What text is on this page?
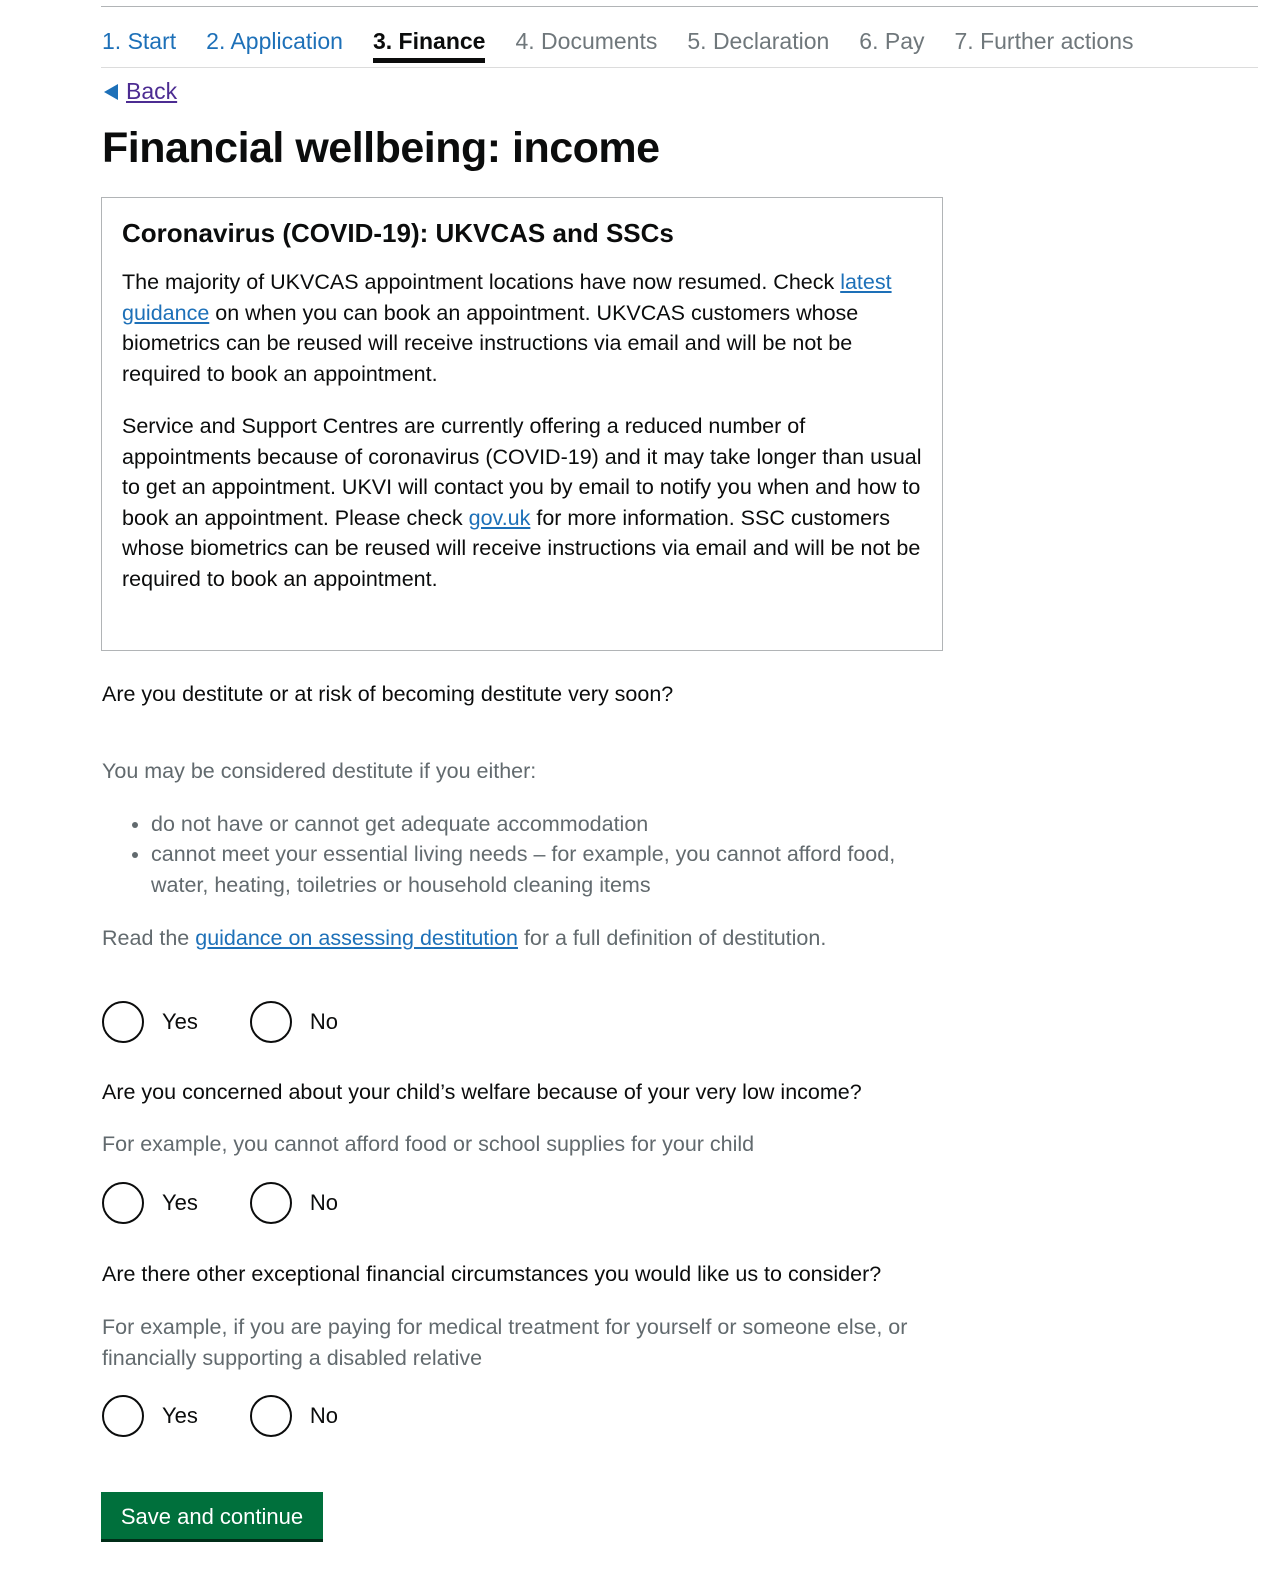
1. Start 2. Application 3. Finance 4. Documents 5. Declaration 6. Pay 7. Further actions
Back
Financial wellbeing: income
Coronavirus (COVID-19): UKVCAS and SSCs

The majority of UKVCAS appointment locations have now resumed. Check latest guidance on when you can book an appointment. UKVCAS customers whose biometrics can be reused will receive instructions via email and will be not be required to book an appointment.

Service and Support Centres are currently offering a reduced number of appointments because of coronavirus (COVID-19) and it may take longer than usual to get an appointment. UKVI will contact you by email to notify you when and how to book an appointment. Please check gov.uk for more information. SSC customers whose biometrics can be reused will receive instructions via email and will be not be required to book an appointment.

Are you destitute or at risk of becoming destitute very soon?
You may be considered destitute if you either:
• do not have or cannot get adequate accommodation
• cannot meet your essential living needs – for example, you cannot afford food, water, heating, toiletries or household cleaning items
Read the guidance on assessing destitution for a full definition of destitution.
Yes	No
Are you concerned about your child’s welfare because of your very low income?
For example, you cannot afford food or school supplies for your child
Yes	No
Are there other exceptional financial circumstances you would like us to consider?
For example, if you are paying for medical treatment for yourself or someone else, or financially supporting a disabled relative
Yes	No
Save and continue
